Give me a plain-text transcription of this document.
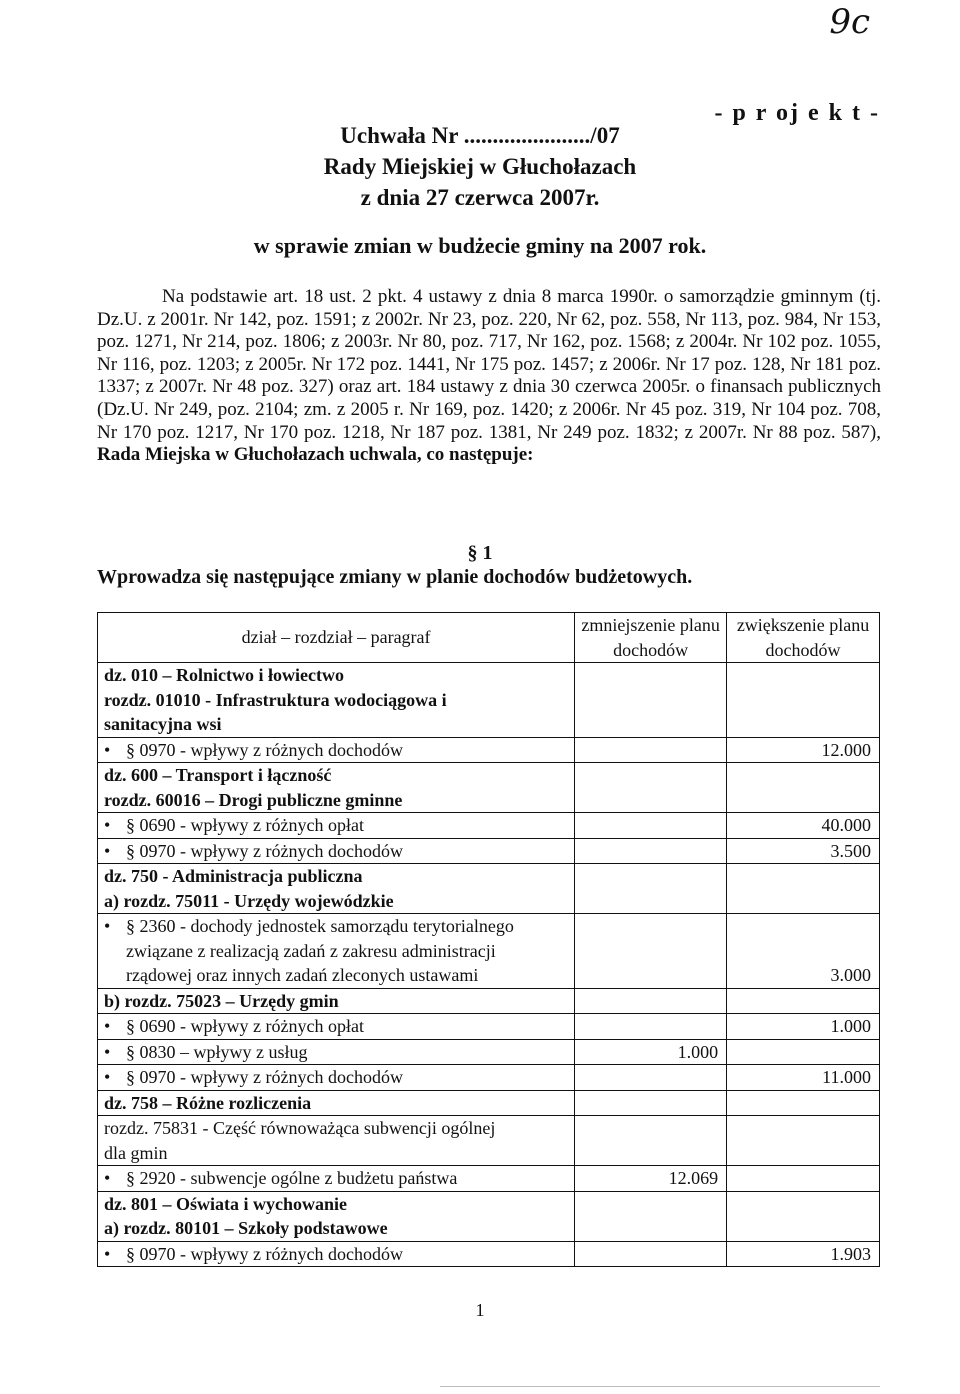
9c
- p r oj e k t -
Uchwała Nr ....................../07
Rady Miejskiej w Głuchołazach
z dnia 27 czerwca 2007r.
w sprawie zmian w budżecie gminy na 2007 rok.
Na podstawie art. 18 ust. 2 pkt. 4 ustawy z dnia 8 marca 1990r. o samorządzie gminnym (tj. Dz.U. z 2001r. Nr 142, poz. 1591; z 2002r. Nr 23, poz. 220, Nr 62, poz. 558, Nr 113, poz. 984, Nr 153, poz. 1271, Nr 214, poz. 1806; z 2003r. Nr 80, poz. 717, Nr 162, poz. 1568; z 2004r. Nr 102 poz. 1055, Nr 116, poz. 1203; z 2005r. Nr 172 poz. 1441, Nr 175 poz. 1457; z 2006r. Nr 17 poz. 128, Nr 181 poz. 1337; z 2007r. Nr 48 poz. 327) oraz art. 184 ustawy z dnia 30 czerwca 2005r. o finansach publicznych (Dz.U. Nr 249, poz. 2104; zm. z 2005 r. Nr 169, poz. 1420; z 2006r. Nr 45 poz. 319, Nr 104 poz. 708, Nr 170 poz. 1217, Nr 170 poz. 1218, Nr 187 poz. 1381, Nr 249 poz. 1832; z 2007r. Nr 88 poz. 587), Rada Miejska w Głuchołazach uchwala, co następuje:
§ 1
Wprowadza się następujące zmiany w planie dochodów budżetowych.
dział – rozdział – paragraf	zmniejszenie planu dochodów	zwiększenie planu dochodów

dz. 010 – Rolnictwo i łowiectwo
rozdz. 01010 - Infrastruktura wodociągowa i
sanitacyjna wsi		

• § 0970 - wpływy z różnych dochodów		12.000

dz. 600 – Transport i łączność
rozdz. 60016 – Drogi publiczne gminne		

• § 0690 - wpływy z różnych opłat		40.000

• § 0970 - wpływy z różnych dochodów		3.500

dz. 750 - Administracja publiczna
a) rozdz. 75011 - Urzędy wojewódzkie		

• § 2360 - dochody jednostek samorządu terytorialnego
związane z realizacją zadań z zakresu administracji
rządowej oraz innych zadań zleconych ustawami		3.000

b) rozdz. 75023 – Urzędy gmin		

• § 0690 - wpływy z różnych opłat		1.000

• § 0830 – wpływy z usług	1.000	

• § 0970 - wpływy z różnych dochodów		11.000

dz. 758 – Różne rozliczenia		

rozdz. 75831 - Część równoważąca subwencji ogólnej
dla gmin		

• § 2920 - subwencje ogólne z budżetu państwa	12.069	

dz. 801 – Oświata i wychowanie
a) rozdz. 80101 – Szkoły podstawowe		

• § 0970 - wpływy z różnych dochodów		1.903
1
